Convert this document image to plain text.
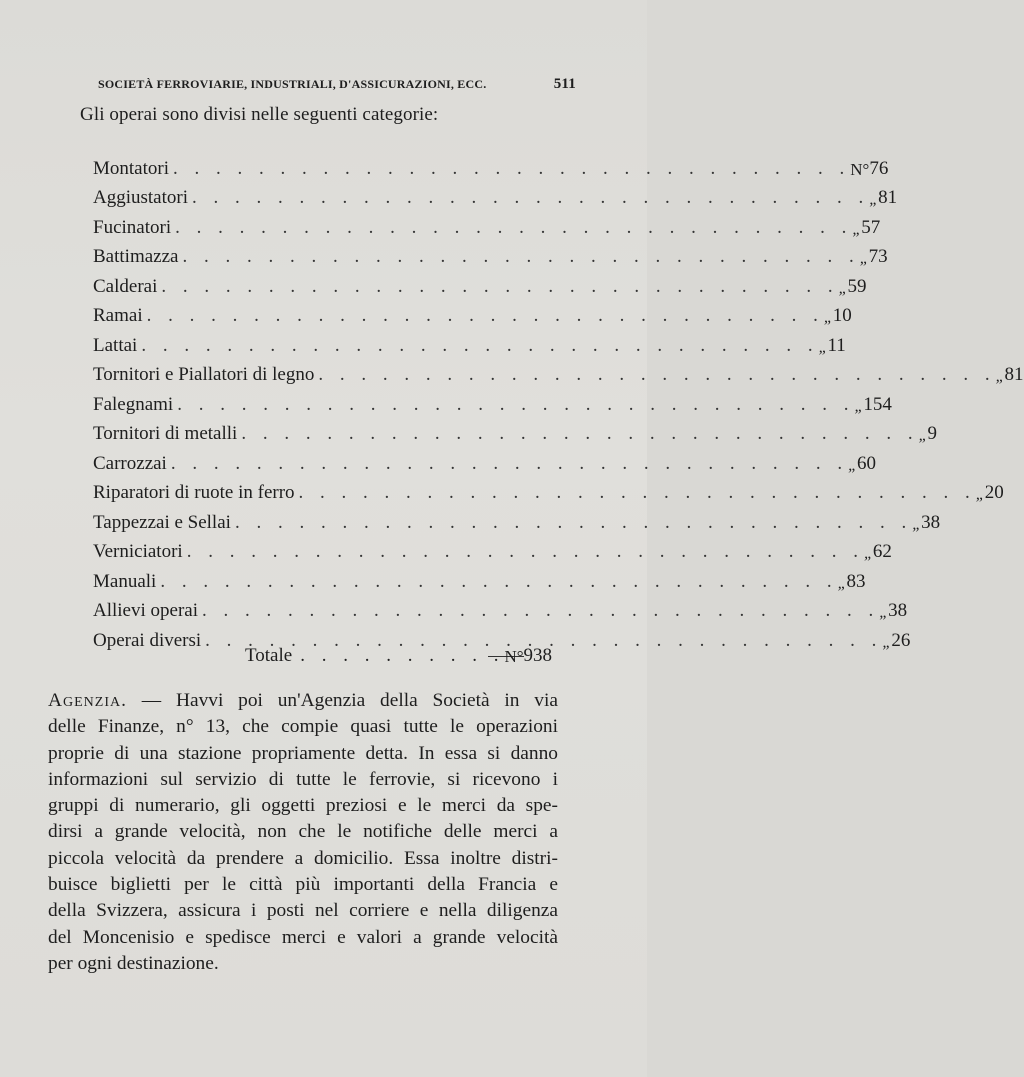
SOCIETÀ FERROVIARIE, INDUSTRIALI, D'ASSICURAZIONI, ECC.	511
Gli operai sono divisi nelle seguenti categorie:
Montatori . . . . . . . . . . . . . . . . . . . . . . . . . . . . . . . . N° 76
Aggiustatori . . . . . . . . . . . . . . . . . . . . . . . . . . . . . . . . „ 81
Fucinatori . . . . . . . . . . . . . . . . . . . . . . . . . . . . . . . . „ 57
Battimazza . . . . . . . . . . . . . . . . . . . . . . . . . . . . . . . . „ 73
Calderai . . . . . . . . . . . . . . . . . . . . . . . . . . . . . . . . „ 59
Ramai . . . . . . . . . . . . . . . . . . . . . . . . . . . . . . . . „ 10
Lattai . . . . . . . . . . . . . . . . . . . . . . . . . . . . . . . . „ 11
Tornitori e Piallatori di legno . . . . . . . . . . . . . . . . . . . . . . . . . . . . . . . . „ 81
Falegnami . . . . . . . . . . . . . . . . . . . . . . . . . . . . . . . . „ 154
Tornitori di metalli . . . . . . . . . . . . . . . . . . . . . . . . . . . . . . . . „ 9
Carrozzai . . . . . . . . . . . . . . . . . . . . . . . . . . . . . . . . „ 60
Riparatori di ruote in ferro . . . . . . . . . . . . . . . . . . . . . . . . . . . . . . . . „ 20
Tappezzai e Sellai . . . . . . . . . . . . . . . . . . . . . . . . . . . . . . . . „ 38
Verniciatori . . . . . . . . . . . . . . . . . . . . . . . . . . . . . . . . „ 62
Manuali . . . . . . . . . . . . . . . . . . . . . . . . . . . . . . . . „ 83
Allievi operai . . . . . . . . . . . . . . . . . . . . . . . . . . . . . . . . „ 38
Operai diversi . . . . . . . . . . . . . . . . . . . . . . . . . . . . . . . . „ 26
Totale . . . . . . . . . . N° 938
Agenzia. — Havvi poi un'Agenzia della Società in via
delle Finanze, n° 13, che compie quasi tutte le operazioni
proprie di una stazione propriamente detta. In essa si danno
informazioni sul servizio di tutte le ferrovie, si ricevono i
gruppi di numerario, gli oggetti preziosi e le merci da spe-
dirsi a grande velocità, non che le notifiche delle merci a
piccola velocità da prendere a domicilio. Essa inoltre distri-
buisce biglietti per le città più importanti della Francia e
della Svizzera, assicura i posti nel corriere e nella diligenza
del Moncenisio e spedisce merci e valori a grande velocità
per ogni destinazione.
